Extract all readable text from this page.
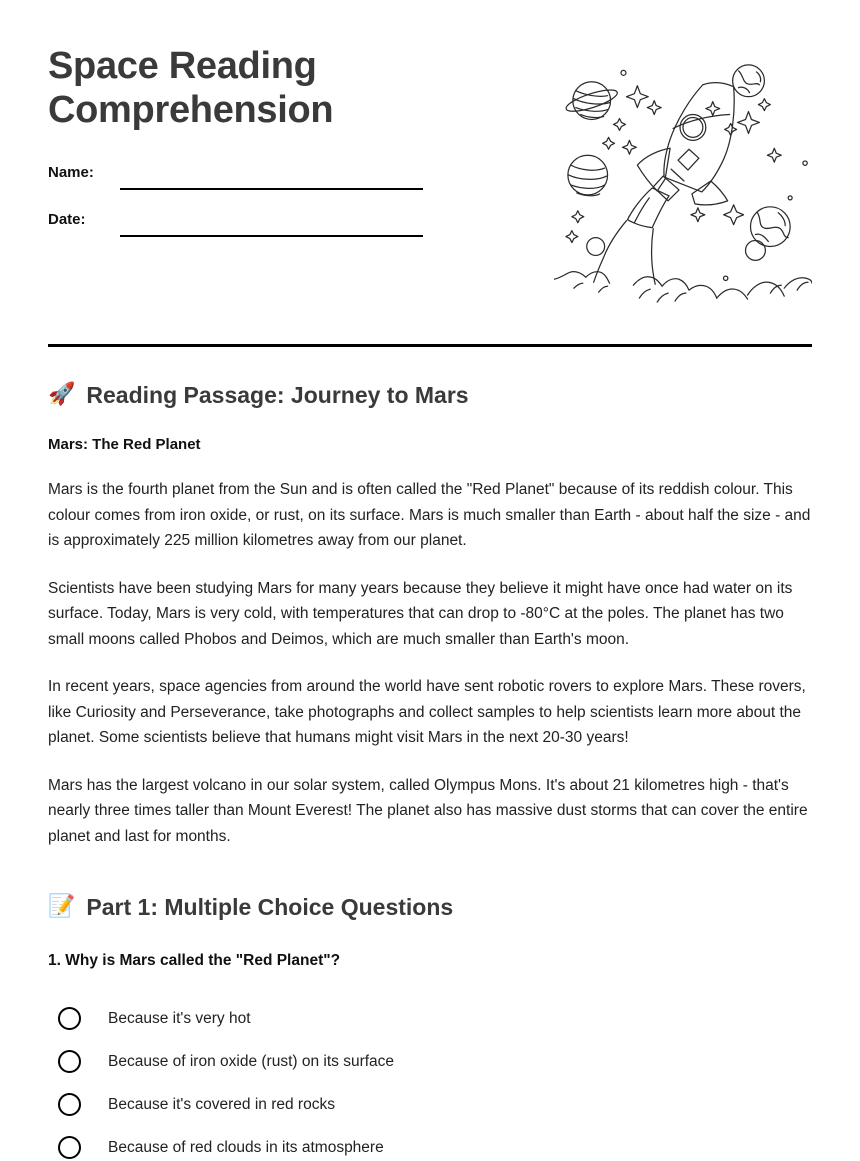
Space Reading Comprehension
Name:
Date:
🚀 Reading Passage: Journey to Mars

Mars: The Red Planet

Mars is the fourth planet from the Sun and is often called the "Red Planet" because of its reddish colour. This colour comes from iron oxide, or rust, on its surface. Mars is much smaller than Earth - about half the size - and is approximately 225 million kilometres away from our planet.

Scientists have been studying Mars for many years because they believe it might have once had water on its surface. Today, Mars is very cold, with temperatures that can drop to -80°C at the poles. The planet has two small moons called Phobos and Deimos, which are much smaller than Earth's moon.

In recent years, space agencies from around the world have sent robotic rovers to explore Mars. These rovers, like Curiosity and Perseverance, take photographs and collect samples to help scientists learn more about the planet. Some scientists believe that humans might visit Mars in the next 20-30 years!

Mars has the largest volcano in our solar system, called Olympus Mons. It's about 21 kilometres high - that's nearly three times taller than Mount Everest! The planet also has massive dust storms that can cover the entire planet and last for months.

📝 Part 1: Multiple Choice Questions

1. Why is Mars called the "Red Planet"?

Because it's very hot
Because of iron oxide (rust) on its surface
Because it's covered in red rocks
Because of red clouds in its atmosphere
